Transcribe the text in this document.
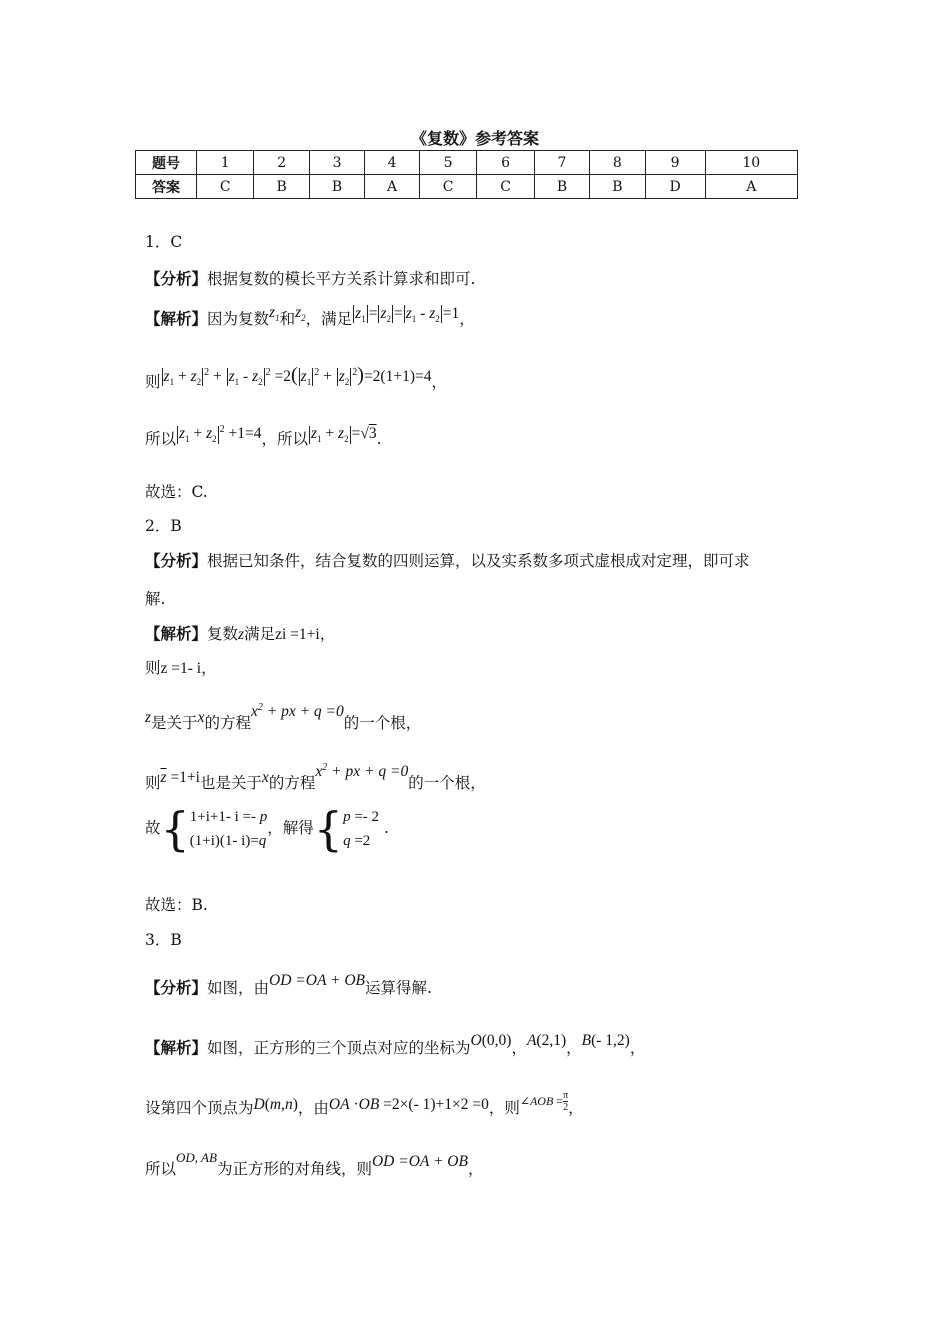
《复数》参考答案
题号	1	2	3	4	5	6	7	8	9	10
答案	C	B	B	A	C	C	B	B	D	A
1．C
【分析】根据复数的模长平方关系计算求和即可.
【解析】因为复数$z_1$和$z_2$，满足 $z_1 = z_2 = z_1 - z_2 =1$，
则 $z_1 + z_2^2 + z_1 - z_2^2 =2$( $z_1^2 + z_2^2)=2(1+1)=4$，
所以 $z_1 + z_2^2 +1=4$，所以 $z_1 + z_2 =√3$.
故选：C.
2．B
【分析】根据已知条件，结合复数的四则运算，以及实系数多项式虚根成对定理，即可求
解.
【解析】复数z满足zi =1+i，
则z =1- i，
z是关于x的方程$x^2$ + px + q =0的一个根，
则$\overline{z} =1+i$也是关于x的方程$x^2$ + px + q =0的一个根，
故{ 1+i+1- i =- p
(1+i)(1- i)=q
，解得{ p =- 2
q =2
.
故选：B.
3．B
【分析】如图，由OD =OA + OB运算得解.
【解析】如图，正方形的三个顶点对应的坐标为O(0,0)，A(2,1)，B(- 1,2)，
设第四个顶点为D(m,n)，由OA ·OB =2×(- 1)+1×2 =0，则$^{\angle AOB =} \frac{\pi}{2}$ ，
所以$^{OD, AB}$为正方形的对角线，则OD =OA + OB，
